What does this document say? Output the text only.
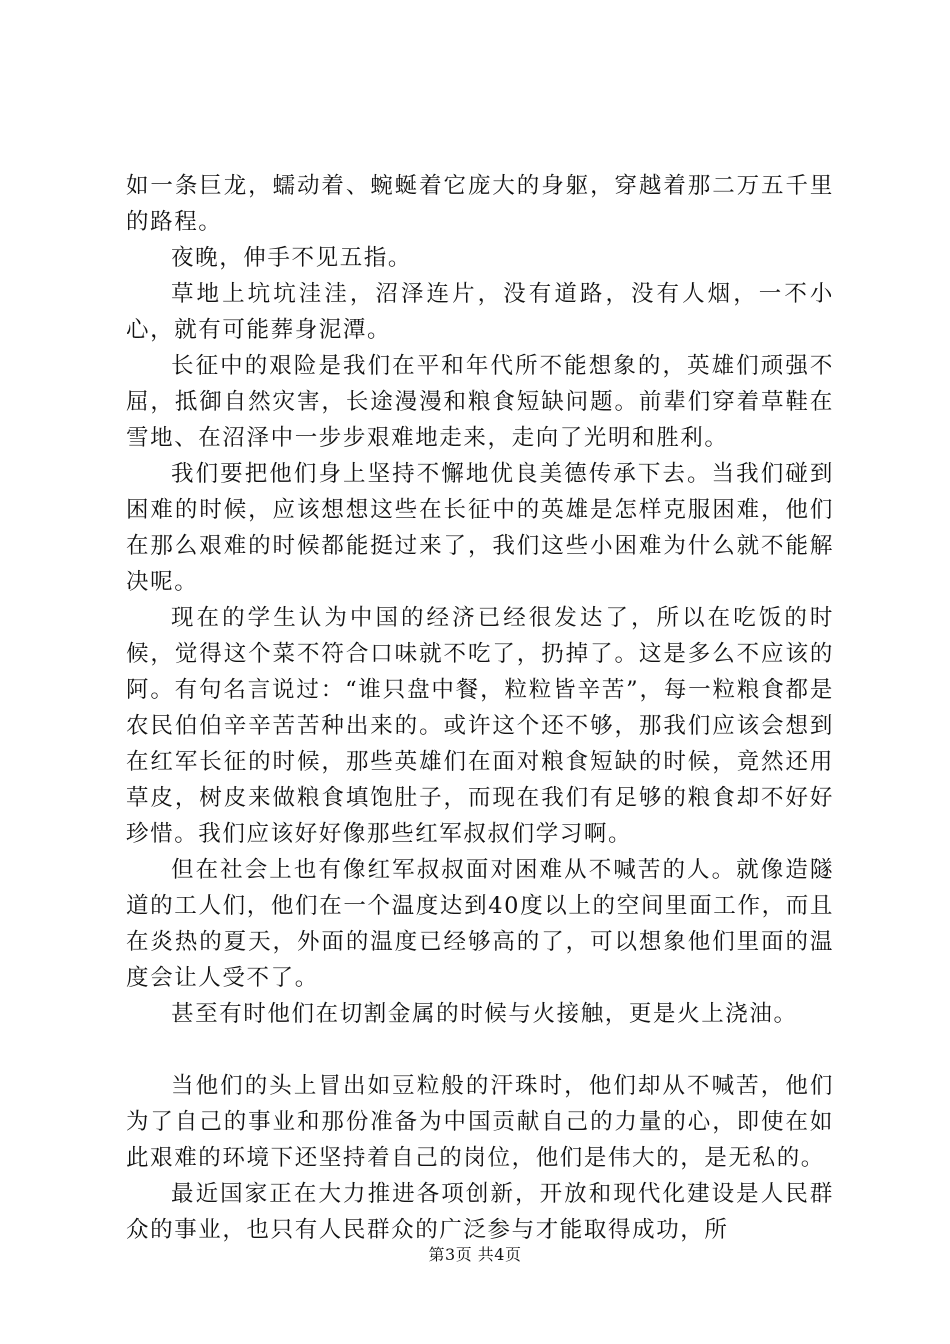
如一条巨龙，蠕动着、蜿蜒着它庞大的身躯，穿越着那二万五千里的路程。

夜晚，伸手不见五指。

草地上坑坑洼洼，沼泽连片，没有道路，没有人烟，一不小心，就有可能葬身泥潭。

长征中的艰险是我们在平和年代所不能想象的，英雄们顽强不屈，抵御自然灾害，长途漫漫和粮食短缺问题。前辈们穿着草鞋在雪地、在沼泽中一步步艰难地走来，走向了光明和胜利。

我们要把他们身上坚持不懈地优良美德传承下去。当我们碰到困难的时候，应该想想这些在长征中的英雄是怎样克服困难，他们在那么艰难的时候都能挺过来了，我们这些小困难为什么就不能解决呢。

现在的学生认为中国的经济已经很发达了，所以在吃饭的时候，觉得这个菜不符合口味就不吃了，扔掉了。这是多么不应该的阿。有句名言说过：“谁只盘中餐，粒粒皆辛苦”，每一粒粮食都是农民伯伯辛辛苦苦种出来的。或许这个还不够，那我们应该会想到在红军长征的时候，那些英雄们在面对粮食短缺的时候，竟然还用草皮，树皮来做粮食填饱肚子，而现在我们有足够的粮食却不好好珍惜。我们应该好好像那些红军叔叔们学习啊。

但在社会上也有像红军叔叔面对困难从不喊苦的人。就像造隧道的工人们，他们在一个温度达到40度以上的空间里面工作，而且在炎热的夏天，外面的温度已经够高的了，可以想象他们里面的温度会让人受不了。

甚至有时他们在切割金属的时候与火接触，更是火上浇油。

当他们的头上冒出如豆粒般的汗珠时，他们却从不喊苦，他们为了自己的事业和那份准备为中国贡献自己的力量的心，即使在如此艰难的环境下还坚持着自己的岗位，他们是伟大的，是无私的。

最近国家正在大力推进各项创新，开放和现代化建设是人民群众的事业，也只有人民群众的广泛参与才能取得成功，所

第3页 共4页
